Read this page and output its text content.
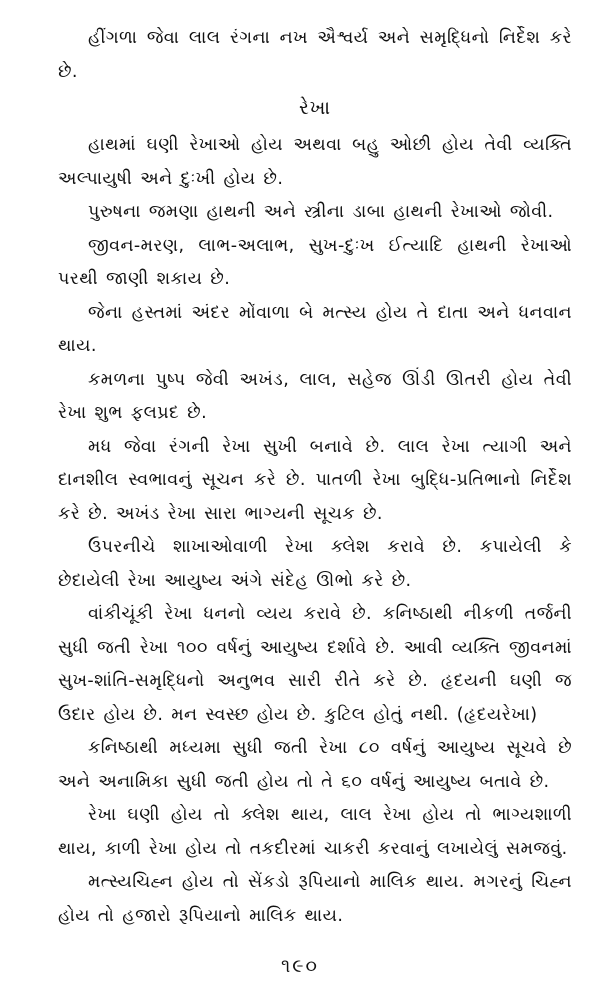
હીંગળા જેવા લાલ રંગના નખ ઐશ્વર્ય અને સમૃદ્ધિનો નિર્દેશ કરે છે.

રેખા

હાથમાં ઘણી રેખાઓ હોય અથવા બહુ ઓછી હોય તેવી વ્યક્તિ અલ્પાયુષી અને દુઃખી હોય છે.

પુરુષના જમણા હાથની અને સ્ત્રીના ડાબા હાથની રેખાઓ જોવી.

જીવન-મરણ, લાભ-અલાભ, સુખ-દુઃખ ઈત્યાદિ હાથની રેખાઓ પરથી જાણી શકાય છે.

જેના હસ્તમાં અંદર મોંવાળા બે મત્સ્ય હોય તે દાતા અને ધનવાન થાય.

કમળના પુષ્પ જેવી અખંડ, લાલ, સહેજ ઊંડી ઊતરી હોય તેવી રેખા શુભ ફલપ્રદ છે.

મધ જેવા રંગની રેખા સુખી બનાવે છે. લાલ રેખા ત્યાગી અને દાનશીલ સ્વભાવનું સૂચન કરે છે. પાતળી રેખા બુદ્ધિ-પ્રતિભાનો નિર્દેશ કરે છે. અખંડ રેખા સારા ભાગ્યની સૂચક છે.

ઉપરનીચે શાખાઓવાળી રેખા ક્લેશ કરાવે છે. કપાયેલી કે છેદાયેલી રેખા આયુષ્ય અંગે સંદેહ ઊભો કરે છે.

વાંકીચૂંકી રેખા ધનનો વ્યય કરાવે છે. કનિષ્ઠાથી નીકળી તર્જની સુધી જતી રેખા ૧૦૦ વર્ષનું આયુષ્ય દર્શાવે છે. આવી વ્યક્તિ જીવનમાં સુખ-શાંતિ-સમૃદ્ધિનો અનુભવ સારી રીતે કરે છે. હૃદયની ઘણી જ ઉદાર હોય છે. મન સ્વસ્છ હોય છે. કુટિલ હોતું નથી. (હૃદયરેખા)

કનિષ્ઠાથી મધ્યમા સુધી જતી રેખા ૮૦ વર્ષનું આયુષ્ય સૂચવે છે અને અનામિકા સુધી જતી હોય તો તે ૬૦ વર્ષનું આયુષ્ય બતાવે છે.

રેખા ઘણી હોય તો ક્લેશ થાય, લાલ રેખા હોય તો ભાગ્યશાળી થાય, કાળી રેખા હોય તો તકદીરમાં ચાકરી કરવાનું લખાયેલું સમજવું.

મત્સ્યચિહ્ન હોય તો સેંકડો રૂપિયાનો માલિક થાય. મગરનું ચિહ્ન હોય તો હજારો રૂપિયાનો માલિક થાય.

૧૯૦
